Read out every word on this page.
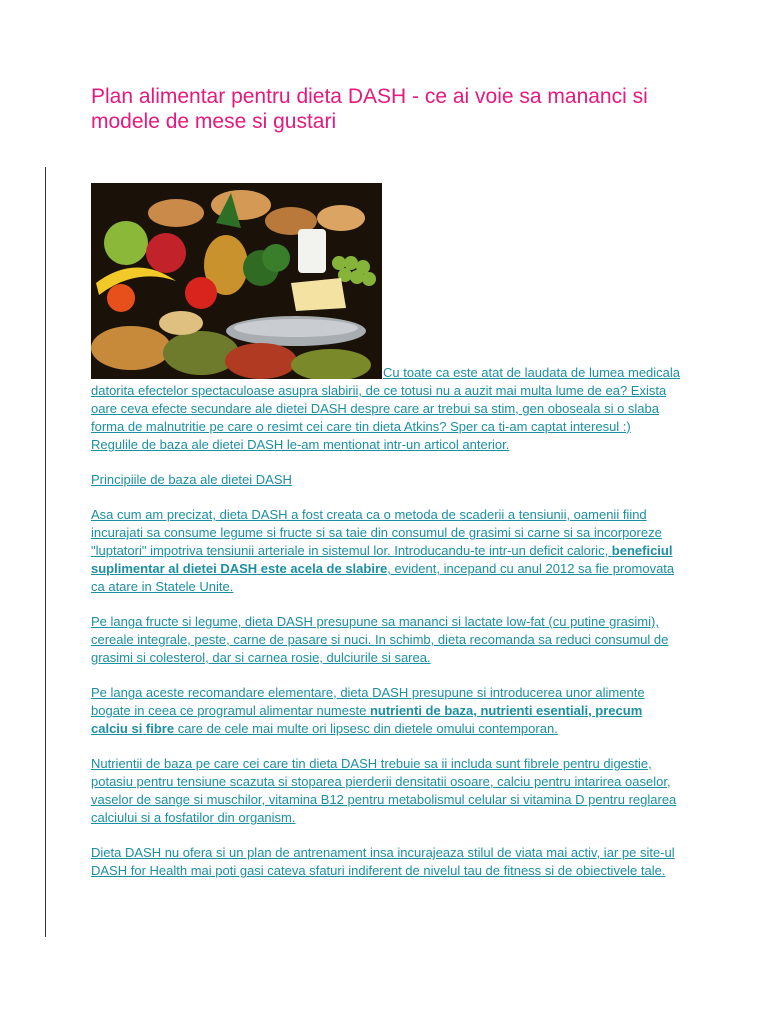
Plan alimentar pentru dieta DASH - ce ai voie sa mananci si modele de mese si gustari

Cu toate ca este atat de laudata de lumea medicala datorita efectelor spectaculoase asupra slabirii, de ce totusi nu a auzit mai multa lume de ea? Exista oare ceva efecte secundare ale dietei DASH despre care ar trebui sa stim, gen oboseala si o slaba forma de malnutritie pe care o resimt cei care tin dieta Atkins? Sper ca ti-am captat interesul :) Regulile de baza ale dietei DASH le-am mentionat intr-un articol anterior.

Principiile de baza ale dietei DASH

Asa cum am precizat, dieta DASH a fost creata ca o metoda de scaderii a tensiunii, oamenii fiind incurajati sa consume legume si fructe si sa taie din consumul de grasimi si carne si sa incorporeze "luptatori" impotriva tensiunii arteriale in sistemul lor. Introducandu-te intr-un deficit caloric, beneficiul suplimentar al dietei DASH este acela de slabire, evident, incepand cu anul 2012 sa fie promovata ca atare in Statele Unite.

Pe langa fructe si legume, dieta DASH presupune sa mananci si lactate low-fat (cu putine grasimi), cereale integrale, peste, carne de pasare si nuci. In schimb, dieta recomanda sa reduci consumul de grasimi si colesterol, dar si carnea rosie, dulciurile si sarea.

Pe langa aceste recomandare elementare, dieta DASH presupune si introducerea unor alimente bogate in ceea ce programul alimentar numeste nutrienti de baza, nutrienti esentiali, precum calciu si fibre care de cele mai multe ori lipsesc din dietele omului contemporan.

Nutrientii de baza pe care cei care tin dieta DASH trebuie sa ii includa sunt fibrele pentru digestie, potasiu pentru tensiune scazuta si stoparea pierderii densitatii osoare, calciu pentru intarirea oaselor, vaselor de sange si muschilor, vitamina B12 pentru metabolismul celular si vitamina D pentru reglarea calciului si a fosfatilor din organism.

Dieta DASH nu ofera si un plan de antrenament insa incurajeaza stilul de viata mai activ, iar pe site-ul DASH for Health mai poti gasi cateva sfaturi indiferent de nivelul tau de fitness si de obiectivele tale.
